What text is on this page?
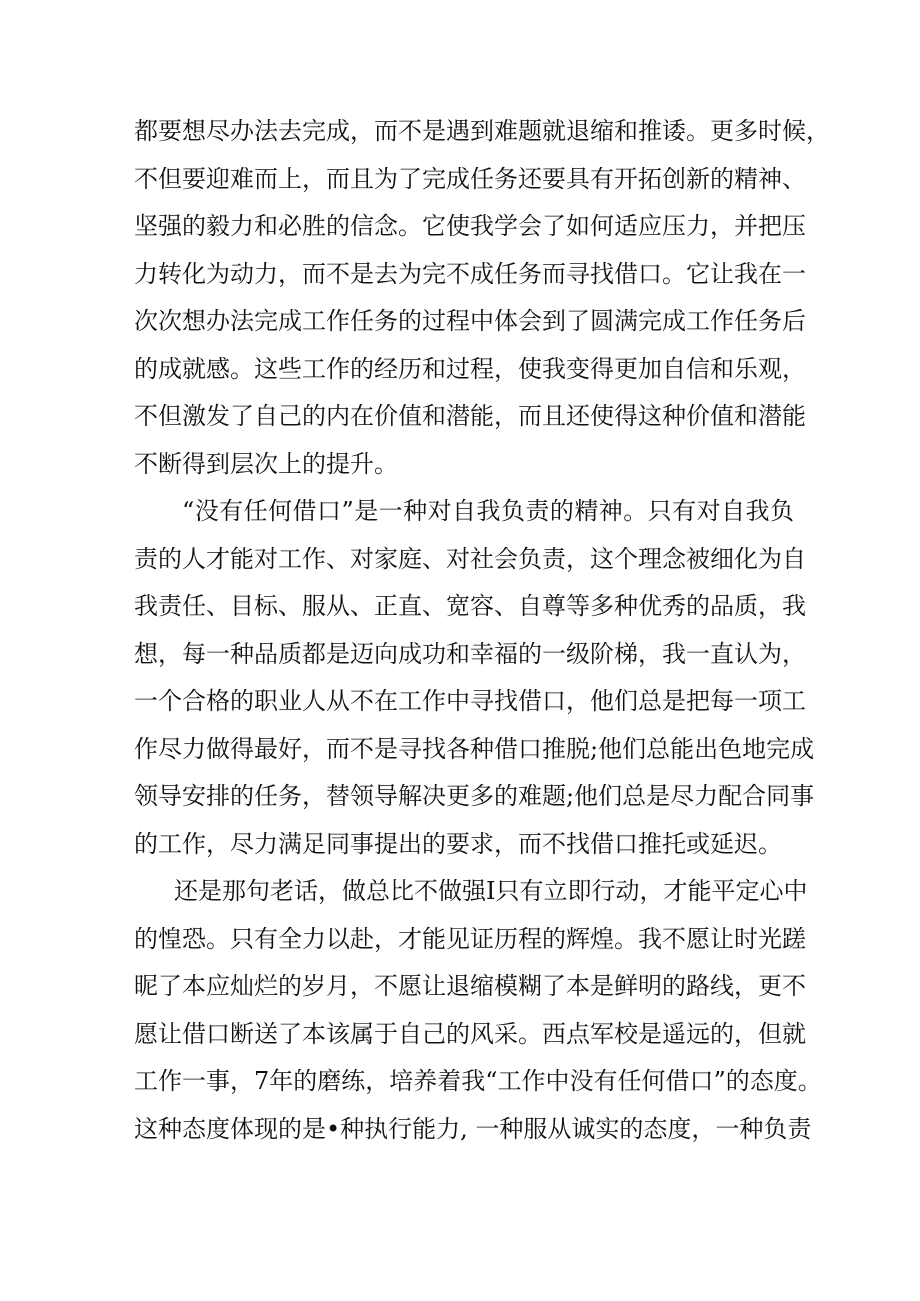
都要想尽办法去完成，而不是遇到难题就退缩和推诿。更多时候，
不但要迎难而上，而且为了完成任务还要具有开拓创新的精神、
坚强的毅力和必胜的信念。它使我学会了如何适应压力，并把压
力转化为动力，而不是去为完不成任务而寻找借口。它让我在一
次次想办法完成工作任务的过程中体会到了圆满完成工作任务后
的成就感。这些工作的经历和过程，使我变得更加自信和乐观，
不但激发了自己的内在价值和潜能，而且还使得这种价值和潜能
不断得到层次上的提升。
“没有任何借口”是一种对自我负责的精神。只有对自我负
责的人才能对工作、对家庭、对社会负责，这个理念被细化为自
我责任、目标、服从、正直、宽容、自尊等多种优秀的品质，我
想，每一种品质都是迈向成功和幸福的一级阶梯，我一直认为，
一个合格的职业人从不在工作中寻找借口，他们总是把每一项工
作尽力做得最好，而不是寻找各种借口推脱;他们总能出色地完成
领导安排的任务，替领导解决更多的难题;他们总是尽力配合同事
的工作，尽力满足同事提出的要求，而不找借口推托或延迟。
还是那句老话，做总比不做强I只有立即行动，才能平定心中
的惶恐。只有全力以赴，才能见证历程的辉煌。我不愿让时光蹉
昵了本应灿烂的岁月，不愿让退缩模糊了本是鲜明的路线，更不
愿让借口断送了本该属于自己的风采。西点军校是遥远的，但就
工作一事，7年的磨练，培养着我“工作中没有任何借口”的态度。
这种态度体现的是•种执行能力, 一种服从诚实的态度，一种负责
